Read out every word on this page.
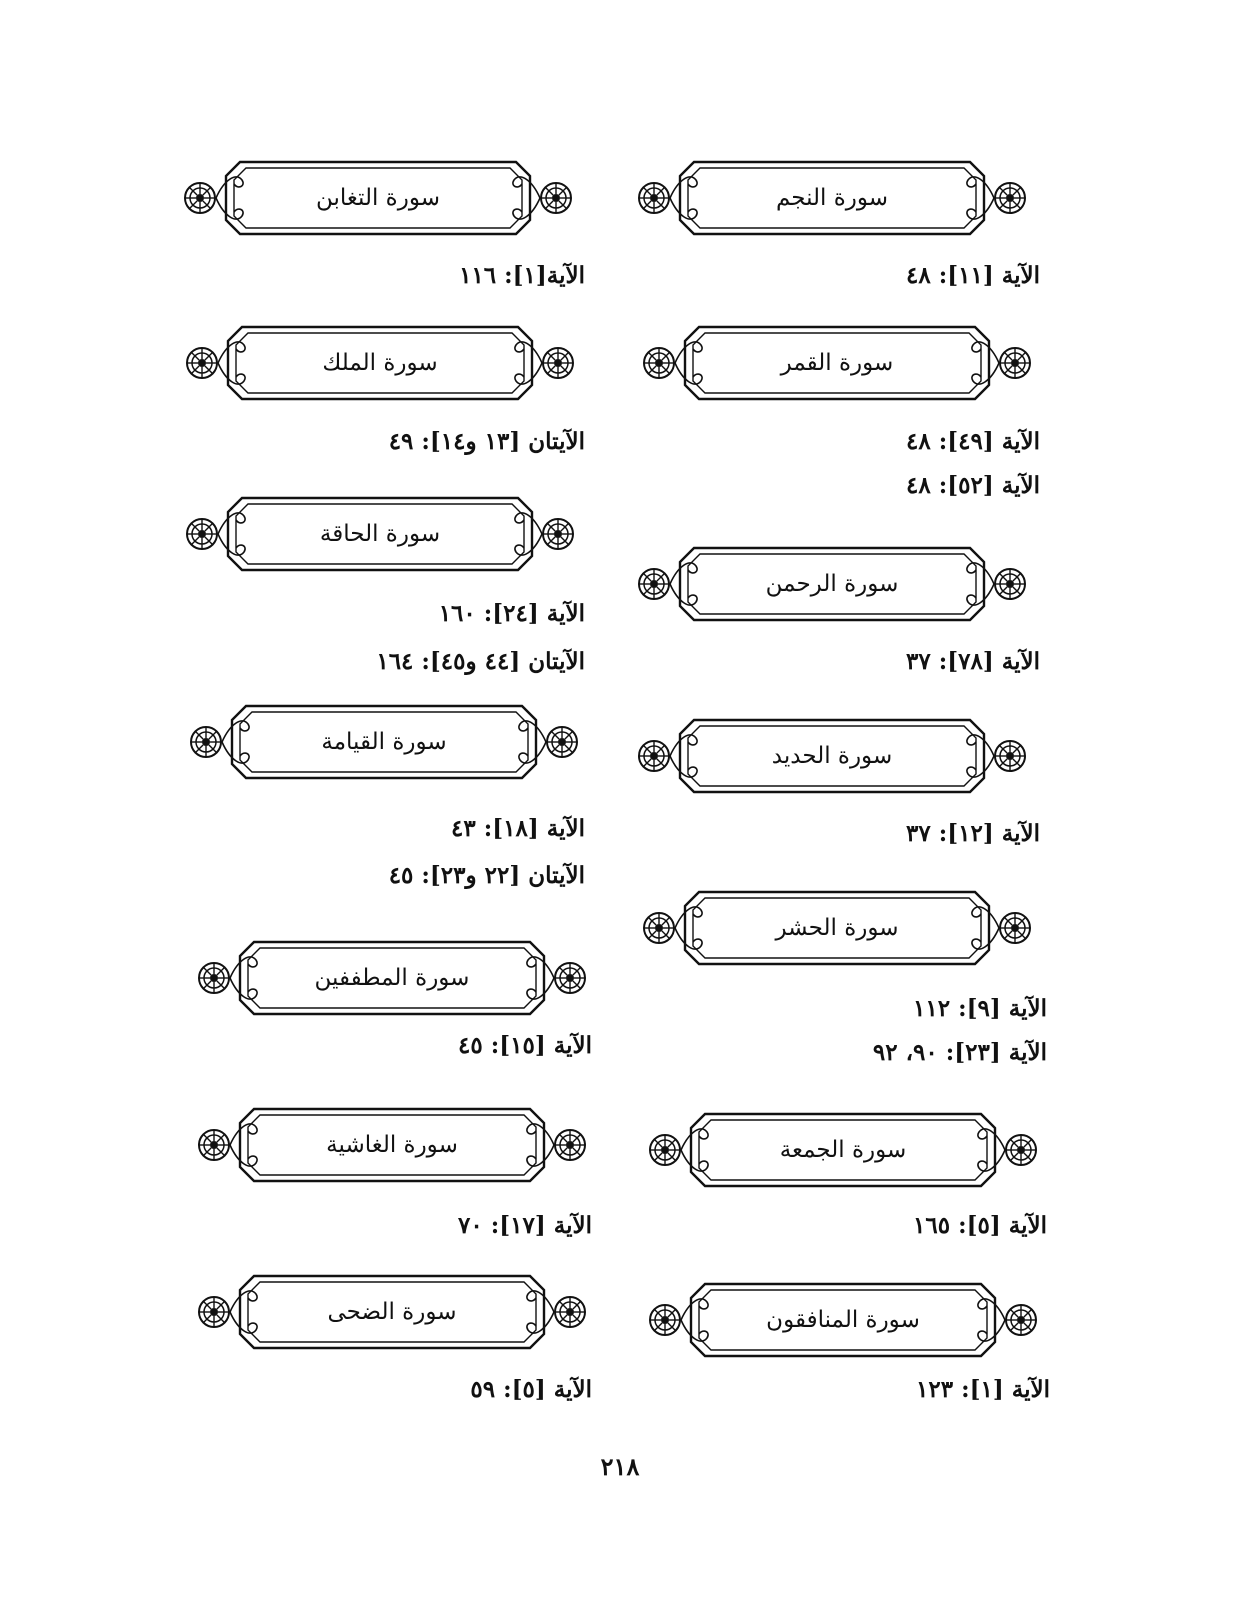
سورة النجم
الآية [١١]: ٤٨
سورة القمر
الآية [٤٩]: ٤٨
الآية [٥٢]: ٤٨
سورة الرحمن
الآية [٧٨]: ٣٧
سورة الحديد
الآية [١٢]: ٣٧
سورة الحشر
الآية [٩]: ١١٢
الآية [٢٣]: ٩٠، ٩٢
سورة الجمعة
الآية [٥]: ١٦٥
سورة المنافقون
الآية [١]: ١٢٣
سورة التغابن
الآية[١]: ١١٦
سورة الملك
الآيتان [١٣ و١٤]: ٤٩
سورة الحاقة
الآية [٢٤]: ١٦٠
الآيتان [٤٤ و٤٥]: ١٦٤
سورة القيامة
الآية [١٨]: ٤٣
الآيتان [٢٢ و٢٣]: ٤٥
سورة المطففين
الآية [١٥]: ٤٥
سورة الغاشية
الآية [١٧]: ٧٠
سورة الضحى
الآية [٥]: ٥٩
٢١٨
